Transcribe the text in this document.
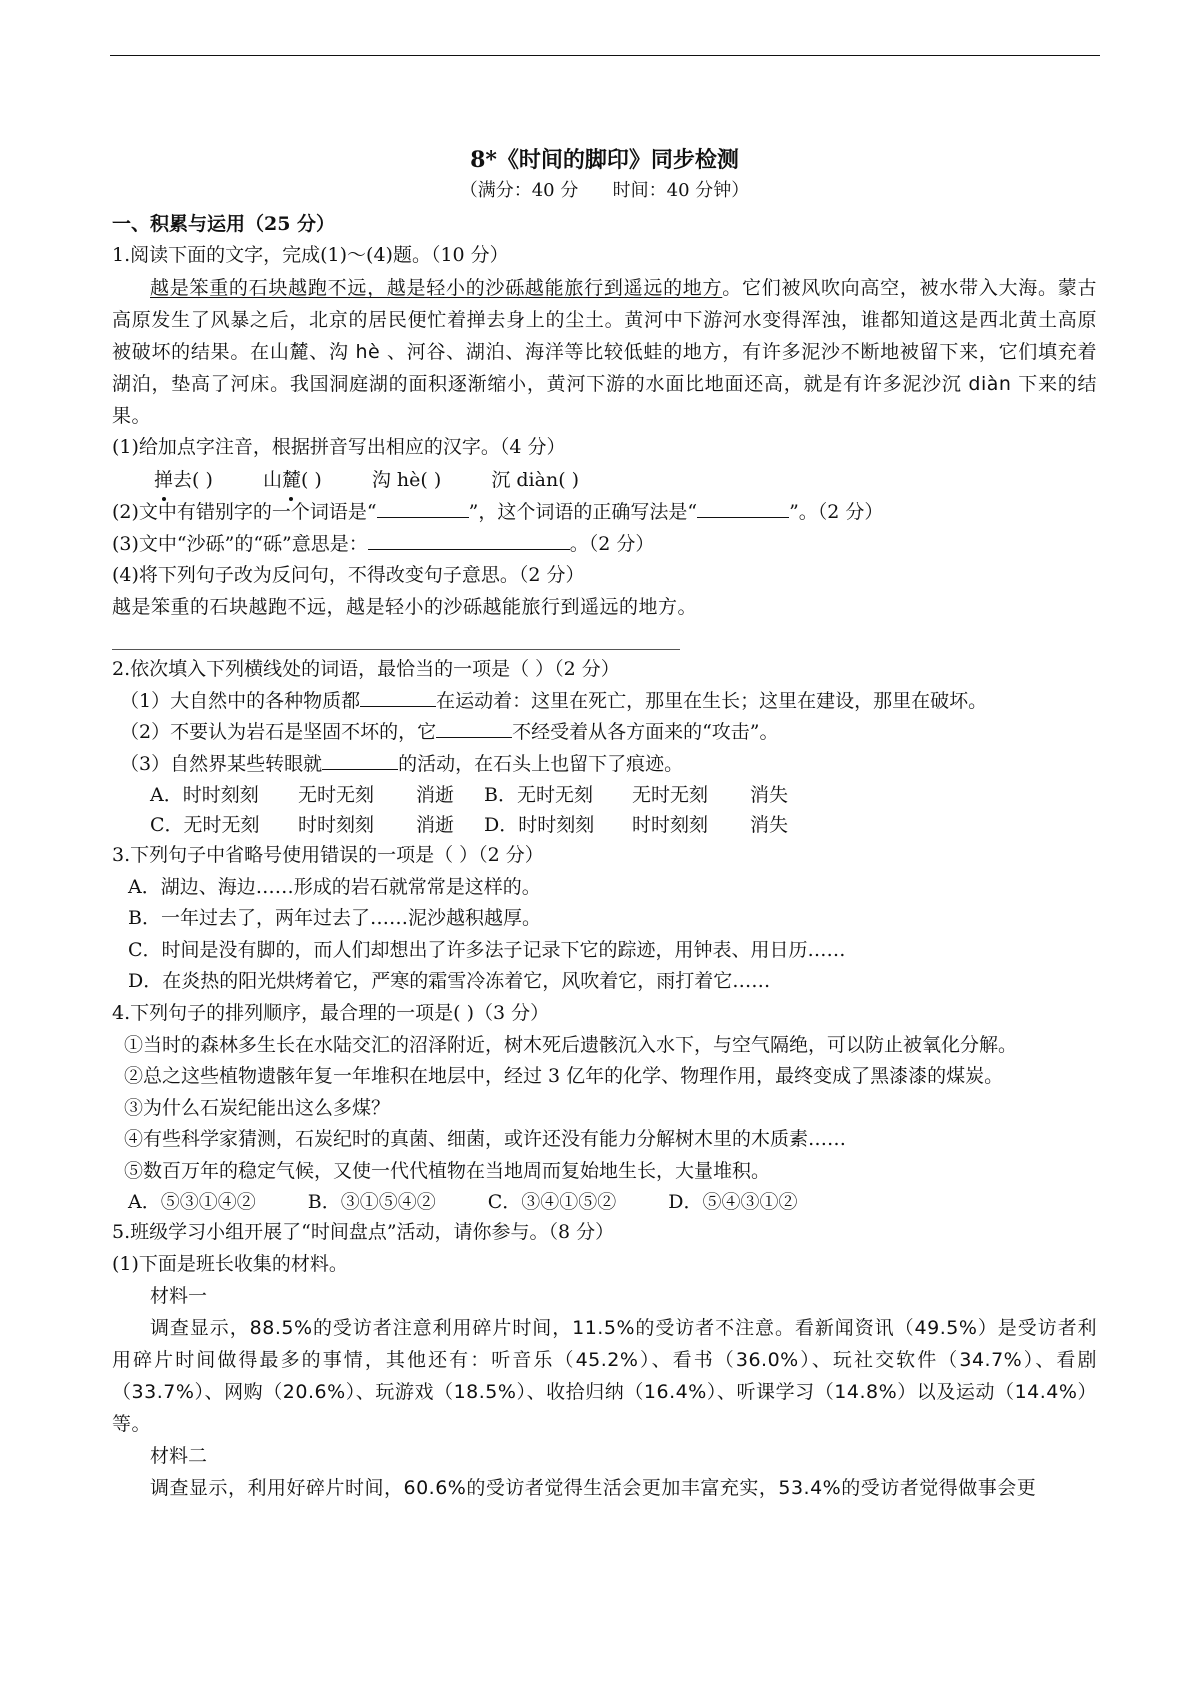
8*《时间的脚印》同步检测

（满分：40 分      时间：40 分钟）

一、积累与运用（25 分）
1.阅读下面的文字，完成(1)～(4)题。（10 分）
越是笨重的石块越跑不远，越是轻小的沙砾越能旅行到遥远的地方。它们被风吹向高空，被水带入大海。蒙古高原发生了风暴之后，北京的居民便忙着掸去身上的尘土。黄河中下游河水变得浑浊，谁都知道这是西北黄土高原被破坏的结果。在山麓、沟 hè 、河谷、湖泊、海洋等比较低蛙的地方，有许多泥沙不断地被留下来，它们填充着湖泊，垫高了河床。我国洞庭湖的面积逐渐缩小，黄河下游的水面比地面还高，就是有许多泥沙沉 diàn 下来的结果。
(1)给加点字注音，根据拼音写出相应的汉字。（4 分）
掸去( )	山麓( )	沟 hè( )	沉 diàn( )
(2)文中有错别字的一个词语是“	”，这个词语的正确写法是“	”。（2 分）
(3)文中“沙砾”的“砾”意思是：	。（2 分）
(4)将下列句子改为反问句，不得改变句子意思。（2 分）
越是笨重的石块越跑不远，越是轻小的沙砾越能旅行到遥远的地方。
2.依次填入下列横线处的词语，最恰当的一项是（ ）（2 分）
（1）大自然中的各种物质都	在运动着：这里在死亡，那里在生长；这里在建设，那里在破坏。
（2）不要认为岩石是坚固不坏的，它	不经受着从各方面来的“攻击”。
（3）自然界某些转眼就	的活动，在石头上也留下了痕迹。
A．时时刻刻 无时无刻 消逝 B．无时无刻 无时无刻 消失
C．无时无刻 时时刻刻 消逝 D．时时刻刻 时时刻刻 消失
3.下列句子中省略号使用错误的一项是（ ）（2 分）
A．湖边、海边……形成的岩石就常常是这样的。
B．一年过去了，两年过去了……泥沙越积越厚。
C．时间是没有脚的，而人们却想出了许多法子记录下它的踪迹，用钟表、用日历……
D．在炎热的阳光烘烤着它，严寒的霜雪冷冻着它，风吹着它，雨打着它……
4.下列句子的排列顺序，最合理的一项是( )（3 分）
①当时的森林多生长在水陆交汇的沼泽附近，树木死后遗骸沉入水下，与空气隔绝，可以防止被氧化分解。
②总之这些植物遗骸年复一年堆积在地层中，经过 3 亿年的化学、物理作用，最终变成了黑漆漆的煤炭。
③为什么石炭纪能出这么多煤？
④有些科学家猜测，石炭纪时的真菌、细菌，或许还没有能力分解树木里的木质素……
⑤数百万年的稳定气候，又使一代代植物在当地周而复始地生长，大量堆积。
A．⑤③①④②	B．③①⑤④②	C．③④①⑤②	D．⑤④③①②
5.班级学习小组开展了“时间盘点”活动，请你参与。（8 分）
(1)下面是班长收集的材料。
材料一
调查显示，88.5%的受访者注意利用碎片时间，11.5%的受访者不注意。看新闻资讯（49.5%）是受访者利用碎片时间做得最多的事情，其他还有：听音乐（45.2%）、看书（36.0%）、玩社交软件（34.7%）、看剧（33.7%）、网购（20.6%）、玩游戏（18.5%）、收拾归纳（16.4%）、听课学习（14.8%）以及运动（14.4%）等。
材料二
调查显示，利用好碎片时间，60.6%的受访者觉得生活会更加丰富充实，53.4%的受访者觉得做事会更
